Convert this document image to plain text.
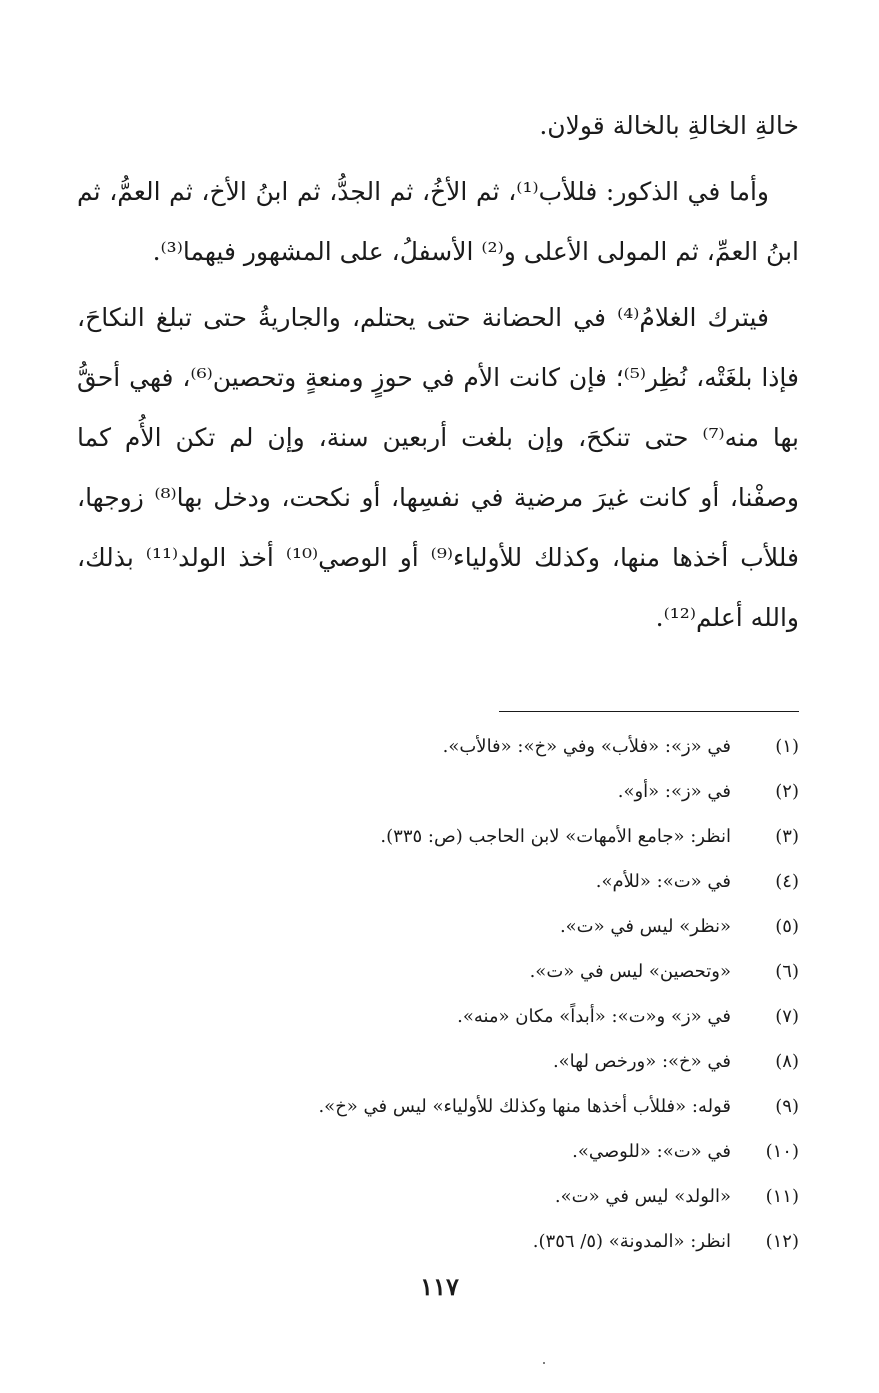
خالةِ الخالةِ بالخالة قولان.

وأما في الذكور: فللأب⁽¹⁾، ثم الأخُ، ثم الجدُّ، ثم ابنُ الأخ، ثم العمُّ، ثم ابنُ العمِّ، ثم المولى الأعلى و⁽²⁾ الأسفلُ، على المشهور فيهما⁽³⁾.

فيترك الغلامُ⁽⁴⁾ في الحضانة حتى يحتلم، والجاريةُ حتى تبلغ النكاحَ، فإذا بلغَتْه، نُظِر⁽⁵⁾؛ فإن كانت الأم في حوزٍ ومنعةٍ وتحصين⁽⁶⁾، فهي أحقُّ بها منه⁽⁷⁾ حتى تنكحَ، وإن بلغت أربعين سنة، وإن لم تكن الأُم كما وصفْنا، أو كانت غيرَ مرضية في نفسِها، أو نكحت، ودخل بها⁽⁸⁾ زوجها، فللأب أخذها منها، وكذلك للأولياء⁽⁹⁾ أو الوصي⁽¹⁰⁾ أخذ الولد⁽¹¹⁾ بذلك، والله أعلم⁽¹²⁾.

(١)
في «ز»: «فلأب» وفي «خ»: «فالأب».
(٢)
في «ز»: «أو».
(٣)
انظر: «جامع الأمهات» لابن الحاجب (ص: ٣٣٥).
(٤)
في «ت»: «للأم».
(٥)
«نظر» ليس في «ت».
(٦)
«وتحصين» ليس في «ت».
(٧)
في «ز» و«ت»: «أبداً» مكان «منه».
(٨)
في «خ»: «ورخص لها».
(٩)
قوله: «فللأب أخذها منها وكذلك للأولياء» ليس في «خ».
(١٠)
في «ت»: «للوصي».
(١١)
«الولد» ليس في «ت».
(١٢)
انظر: «المدونة» (٥/ ٣٥٦).
١١٧
